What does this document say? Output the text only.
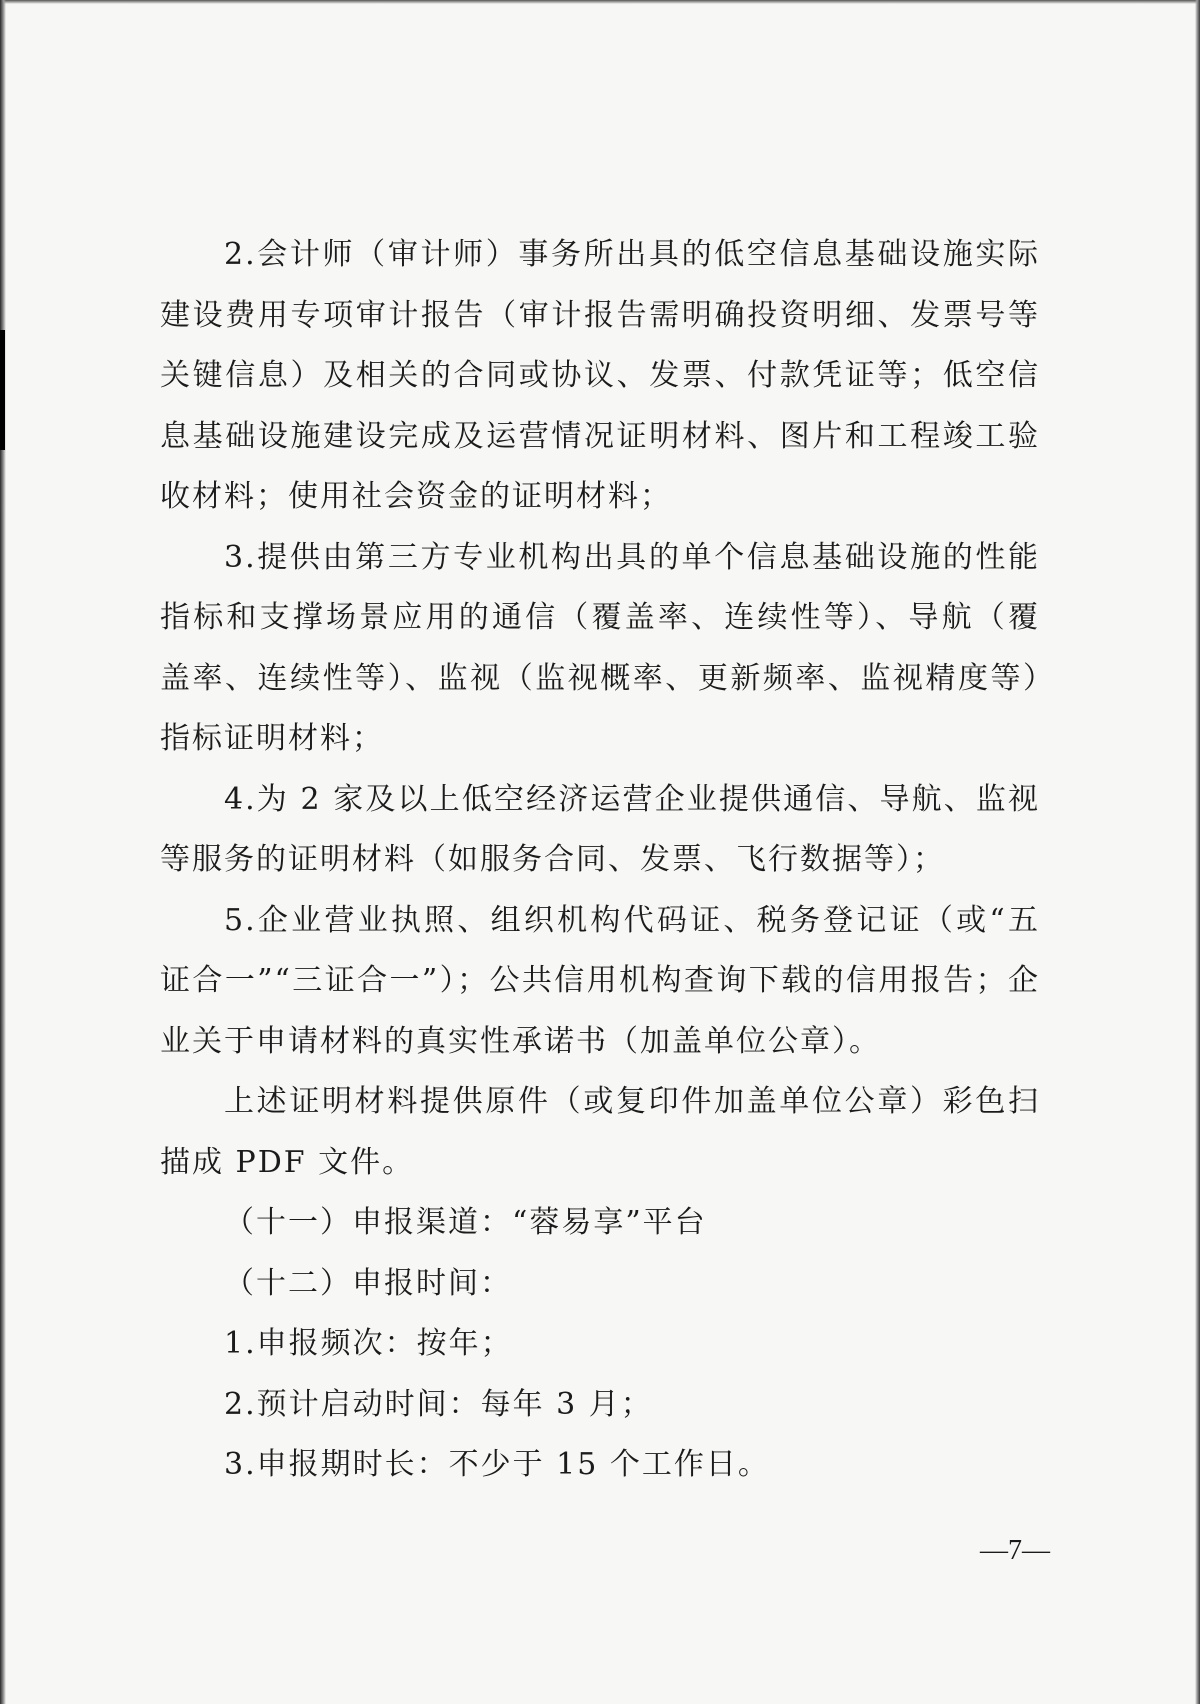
2.会计师（审计师）事务所出具的低空信息基础设施实际建设费用专项审计报告（审计报告需明确投资明细、发票号等关键信息）及相关的合同或协议、发票、付款凭证等；低空信息基础设施建设完成及运营情况证明材料、图片和工程竣工验收材料；使用社会资金的证明材料；

3.提供由第三方专业机构出具的单个信息基础设施的性能指标和支撑场景应用的通信（覆盖率、连续性等）、导航（覆盖率、连续性等）、监视（监视概率、更新频率、监视精度等）指标证明材料；

4.为 2 家及以上低空经济运营企业提供通信、导航、监视等服务的证明材料（如服务合同、发票、飞行数据等）；

5.企业营业执照、组织机构代码证、税务登记证（或“五证合一”“三证合一”）；公共信用机构查询下载的信用报告；企业关于申请材料的真实性承诺书（加盖单位公章）。

上述证明材料提供原件（或复印件加盖单位公章）彩色扫描成 PDF 文件。

（十一）申报渠道：“蓉易享”平台

（十二）申报时间：

1.申报频次：按年；

2.预计启动时间：每年 3 月；

3.申报期时长：不少于 15 个工作日。

—7—
